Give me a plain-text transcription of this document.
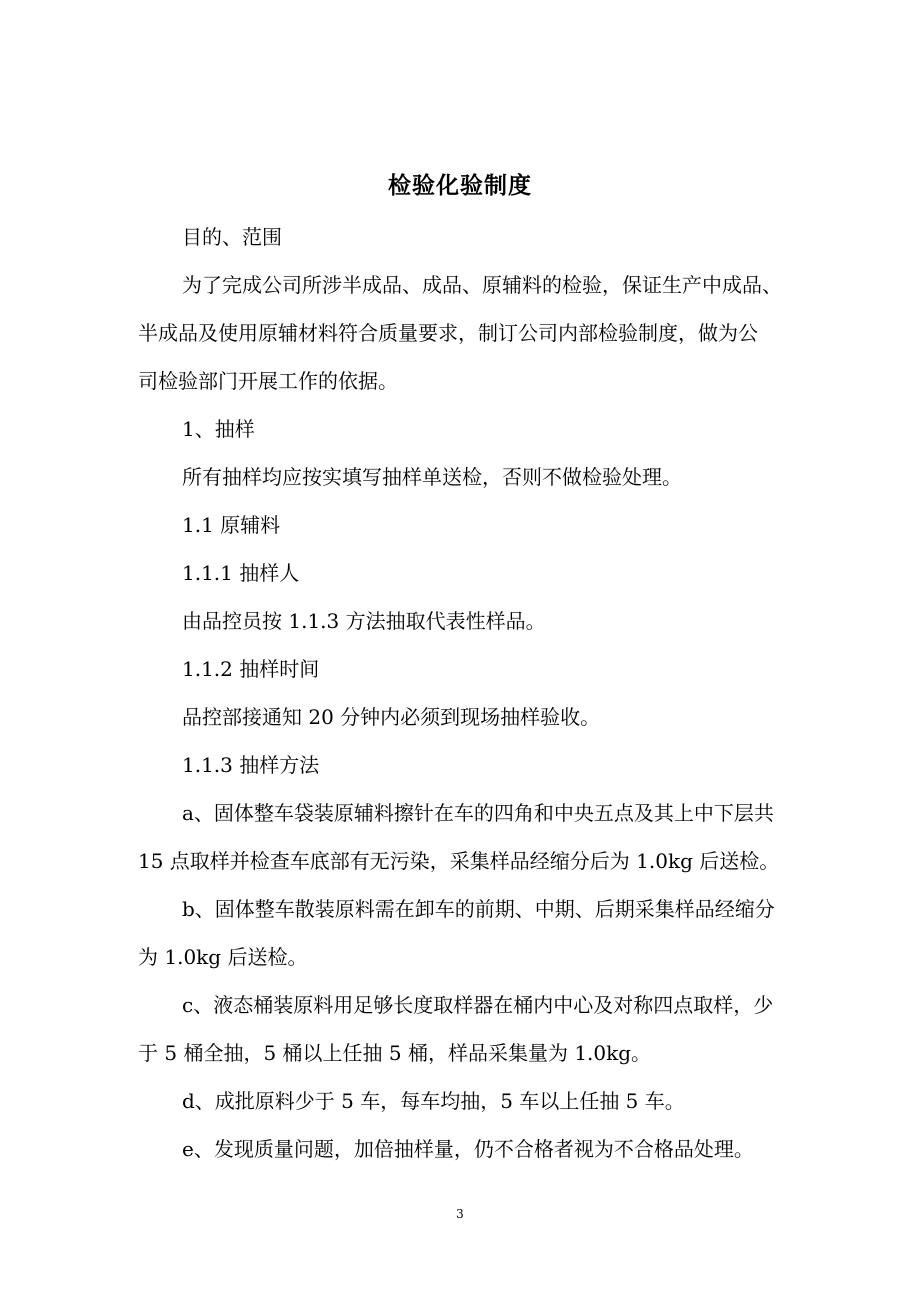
检验化验制度
目的、范围
为了完成公司所涉半成品、成品、原辅料的检验，保证生产中成品、
半成品及使用原辅材料符合质量要求，制订公司内部检验制度，做为公
司检验部门开展工作的依据。
1、抽样
所有抽样均应按实填写抽样单送检，否则不做检验处理。
1.1 原辅料
1.1.1 抽样人
由品控员按 1.1.3 方法抽取代表性样品。
1.1.2 抽样时间
品控部接通知 20 分钟内必须到现场抽样验收。
1.1.3 抽样方法
a、固体整车袋装原辅料擦针在车的四角和中央五点及其上中下层共
15 点取样并检查车底部有无污染，采集样品经缩分后为 1.0kg 后送检。
b、固体整车散装原料需在卸车的前期、中期、后期采集样品经缩分
为 1.0kg 后送检。
c、液态桶装原料用足够长度取样器在桶内中心及对称四点取样，少
于 5 桶全抽，5 桶以上任抽 5 桶，样品采集量为 1.0kg。
d、成批原料少于 5 车，每车均抽，5 车以上任抽 5 车。
e、发现质量问题，加倍抽样量，仍不合格者视为不合格品处理。
3
